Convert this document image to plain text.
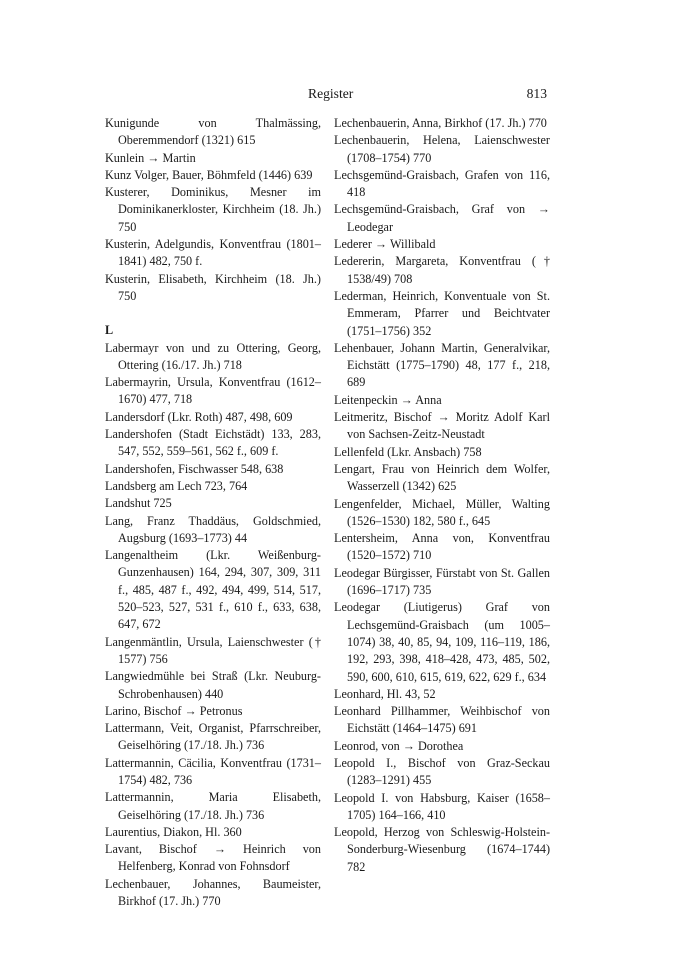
Register	813
Kunigunde von Thalmässing, Oberemmendorf (1321) 615
Kunlein → Martin
Kunz Volger, Bauer, Böhmfeld (1446) 639
Kusterer, Dominikus, Mesner im Dominikanerkloster, Kirchheim (18. Jh.) 750
Kusterin, Adelgundis, Konventfrau (1801–1841) 482, 750 f.
Kusterin, Elisabeth, Kirchheim (18. Jh.) 750
L
Labermayr von und zu Ottering, Georg, Ottering (16./17. Jh.) 718
Labermayrin, Ursula, Konventfrau (1612–1670) 477, 718
Landersdorf (Lkr. Roth) 487, 498, 609
Landershofen (Stadt Eichstädt) 133, 283, 547, 552, 559–561, 562 f., 609 f.
Landershofen, Fischwasser 548, 638
Landsberg am Lech 723, 764
Landshut 725
Lang, Franz Thaddäus, Goldschmied, Augsburg (1693–1773) 44
Langenaltheim (Lkr. Weißenburg-Gunzenhausen) 164, 294, 307, 309, 311 f., 485, 487 f., 492, 494, 499, 514, 517, 520–523, 527, 531 f., 610 f., 633, 638, 647, 672
Langenmäntlin, Ursula, Laienschwester († 1577) 756
Langwiedmühle bei Straß (Lkr. Neuburg-Schrobenhausen) 440
Larino, Bischof → Petronus
Lattermann, Veit, Organist, Pfarrschreiber, Geiselhöring (17./18. Jh.) 736
Lattermannin, Cäcilia, Konventfrau (1731–1754) 482, 736
Lattermannin, Maria Elisabeth, Geiselhöring (17./18. Jh.) 736
Laurentius, Diakon, Hl. 360
Lavant, Bischof → Heinrich von Helfenberg, Konrad von Fohnsdorf
Lechenbauer, Johannes, Baumeister, Birkhof (17. Jh.) 770
Lechenbauerin, Anna, Birkhof (17. Jh.) 770
Lechenbauerin, Helena, Laienschwester (1708–1754) 770
Lechsgemünd-Graisbach, Grafen von 116, 418
Lechsgemünd-Graisbach, Graf von → Leodegar
Lederer → Willibald
Ledererin, Margareta, Konventfrau († 1538/49) 708
Lederman, Heinrich, Konventuale von St. Emmeram, Pfarrer und Beichtvater (1751–1756) 352
Lehenbauer, Johann Martin, Generalvikar, Eichstätt (1775–1790) 48, 177 f., 218, 689
Leitenpeckin → Anna
Leitmeritz, Bischof → Moritz Adolf Karl von Sachsen-Zeitz-Neustadt
Lellenfeld (Lkr. Ansbach) 758
Lengart, Frau von Heinrich dem Wolfer, Wasserzell (1342) 625
Lengenfelder, Michael, Müller, Walting (1526–1530) 182, 580 f., 645
Lentersheim, Anna von, Konventfrau (1520–1572) 710
Leodegar Bürgisser, Fürstabt von St. Gallen (1696–1717) 735
Leodegar (Liutigerus) Graf von Lechsgemünd-Graisbach (um 1005–1074) 38, 40, 85, 94, 109, 116–119, 186, 192, 293, 398, 418–428, 473, 485, 502, 590, 600, 610, 615, 619, 622, 629 f., 634
Leonhard, Hl. 43, 52
Leonhard Pillhammer, Weihbischof von Eichstätt (1464–1475) 691
Leonrod, von → Dorothea
Leopold I., Bischof von Graz-Seckau (1283–1291) 455
Leopold I. von Habsburg, Kaiser (1658–1705) 164–166, 410
Leopold, Herzog von Schleswig-Holstein-Sonderburg-Wiesenburg (1674–1744) 782
